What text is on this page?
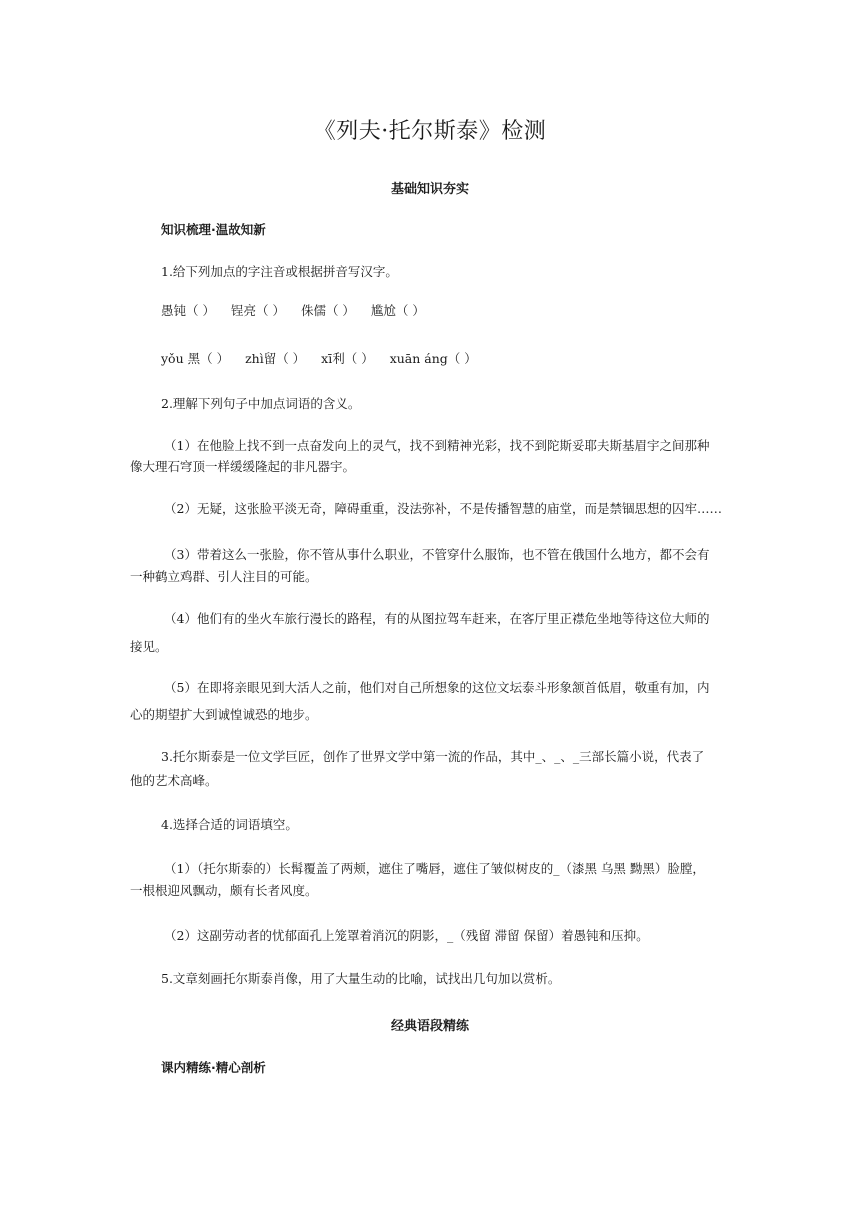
《列夫·托尔斯泰》检测
基础知识夯实
知识梳理·温故知新
1.给下列加点的字注音或根据拼音写汉字。
愚钝（ ） 锃亮（ ） 侏儒（ ） 尴尬（ ）
yǒu 黑（ ） zhì留（ ） xī利（ ） xuān áng（ ）
2.理解下列句子中加点词语的含义。
（1）在他脸上找不到一点奋发向上的灵气，找不到精神光彩，找不到陀斯妥耶夫斯基眉宇之间那种
像大理石穹顶一样缓缓隆起的非凡器宇。
（2）无疑，这张脸平淡无奇，障碍重重，没法弥补，不是传播智慧的庙堂，而是禁锢思想的囚牢……
（3）带着这么一张脸，你不管从事什么职业，不管穿什么服饰，也不管在俄国什么地方，都不会有
一种鹤立鸡群、引人注目的可能。
（4）他们有的坐火车旅行漫长的路程，有的从图拉驾车赶来，在客厅里正襟危坐地等待这位大师的
接见。
（5）在即将亲眼见到大活人之前，他们对自己所想象的这位文坛泰斗形象颔首低眉，敬重有加，内
心的期望扩大到诚惶诚恐的地步。
3.托尔斯泰是一位文学巨匠，创作了世界文学中第一流的作品，其中_、_、_三部长篇小说，代表了
他的艺术高峰。
4.选择合适的词语填空。
（1）（托尔斯泰的）长髯覆盖了两颊，遮住了嘴唇，遮住了皱似树皮的_（漆黑 乌黑 黝黑）脸膛，
一根根迎风飘动，颇有长者风度。
（2）这副劳动者的忧郁面孔上笼罩着消沉的阴影，_（残留 滞留 保留）着愚钝和压抑。
5.文章刻画托尔斯泰肖像，用了大量生动的比喻，试找出几句加以赏析。
经典语段精练
课内精练·精心剖析
